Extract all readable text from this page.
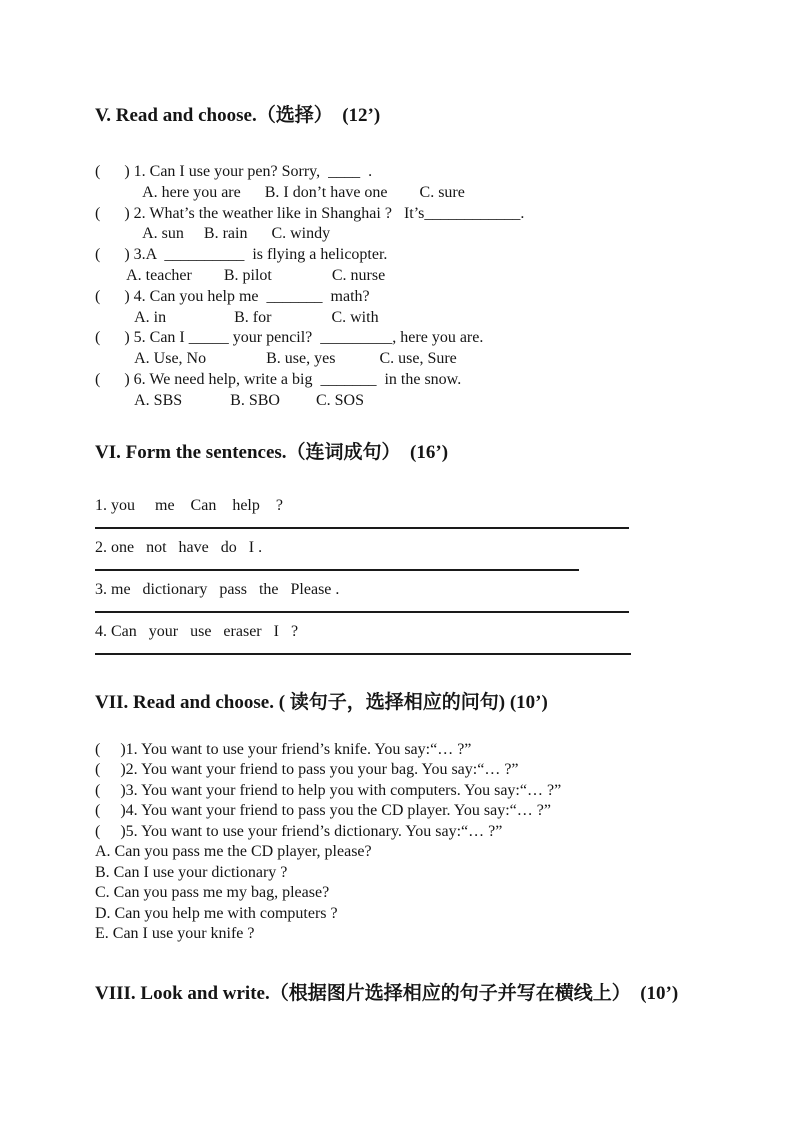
V. Read and choose.（选择）  (12’)
(      ) 1. Can I use your pen? Sorry,  ____  .
A. here you are      B. I don’t have one        C. sure
(      ) 2. What’s the weather like in Shanghai ?   It’s____________.
A. sun     B. rain      C. windy
(      ) 3.A  __________  is flying a helicopter.
A. teacher        B. pilot               C. nurse
(      ) 4. Can you help me  _______  math?
A. in                 B. for               C. with
(      ) 5. Can I _____ your pencil?  _________, here you are.
A. Use, No               B. use, yes           C. use, Sure
(      ) 6. We need help, write a big  _______  in the snow.
A. SBS            B. SBO         C. SOS
VI. Form the sentences.（连词成句）  (16’)
1. you     me    Can    help    ?
2. one   not   have   do   I .
3. me   dictionary   pass   the   Please .
4. Can   your   use   eraser   I   ?
VII. Read and choose. ( 读句子，选择相应的问句) (10’)
(     )1. You want to use your friend’s knife. You say:“… ?”
(     )2. You want your friend to pass you your bag. You say:“… ?”
(     )3. You want your friend to help you with computers. You say:“… ?”
(     )4. You want your friend to pass you the CD player. You say:“… ?”
(     )5. You want to use your friend’s dictionary. You say:“… ?”
A. Can you pass me the CD player, please?
B. Can I use your dictionary ?
C. Can you pass me my bag, please?
D. Can you help me with computers ?
E. Can I use your knife ?
VIII. Look and write.（根据图片选择相应的句子并写在横线上）  (10’)
